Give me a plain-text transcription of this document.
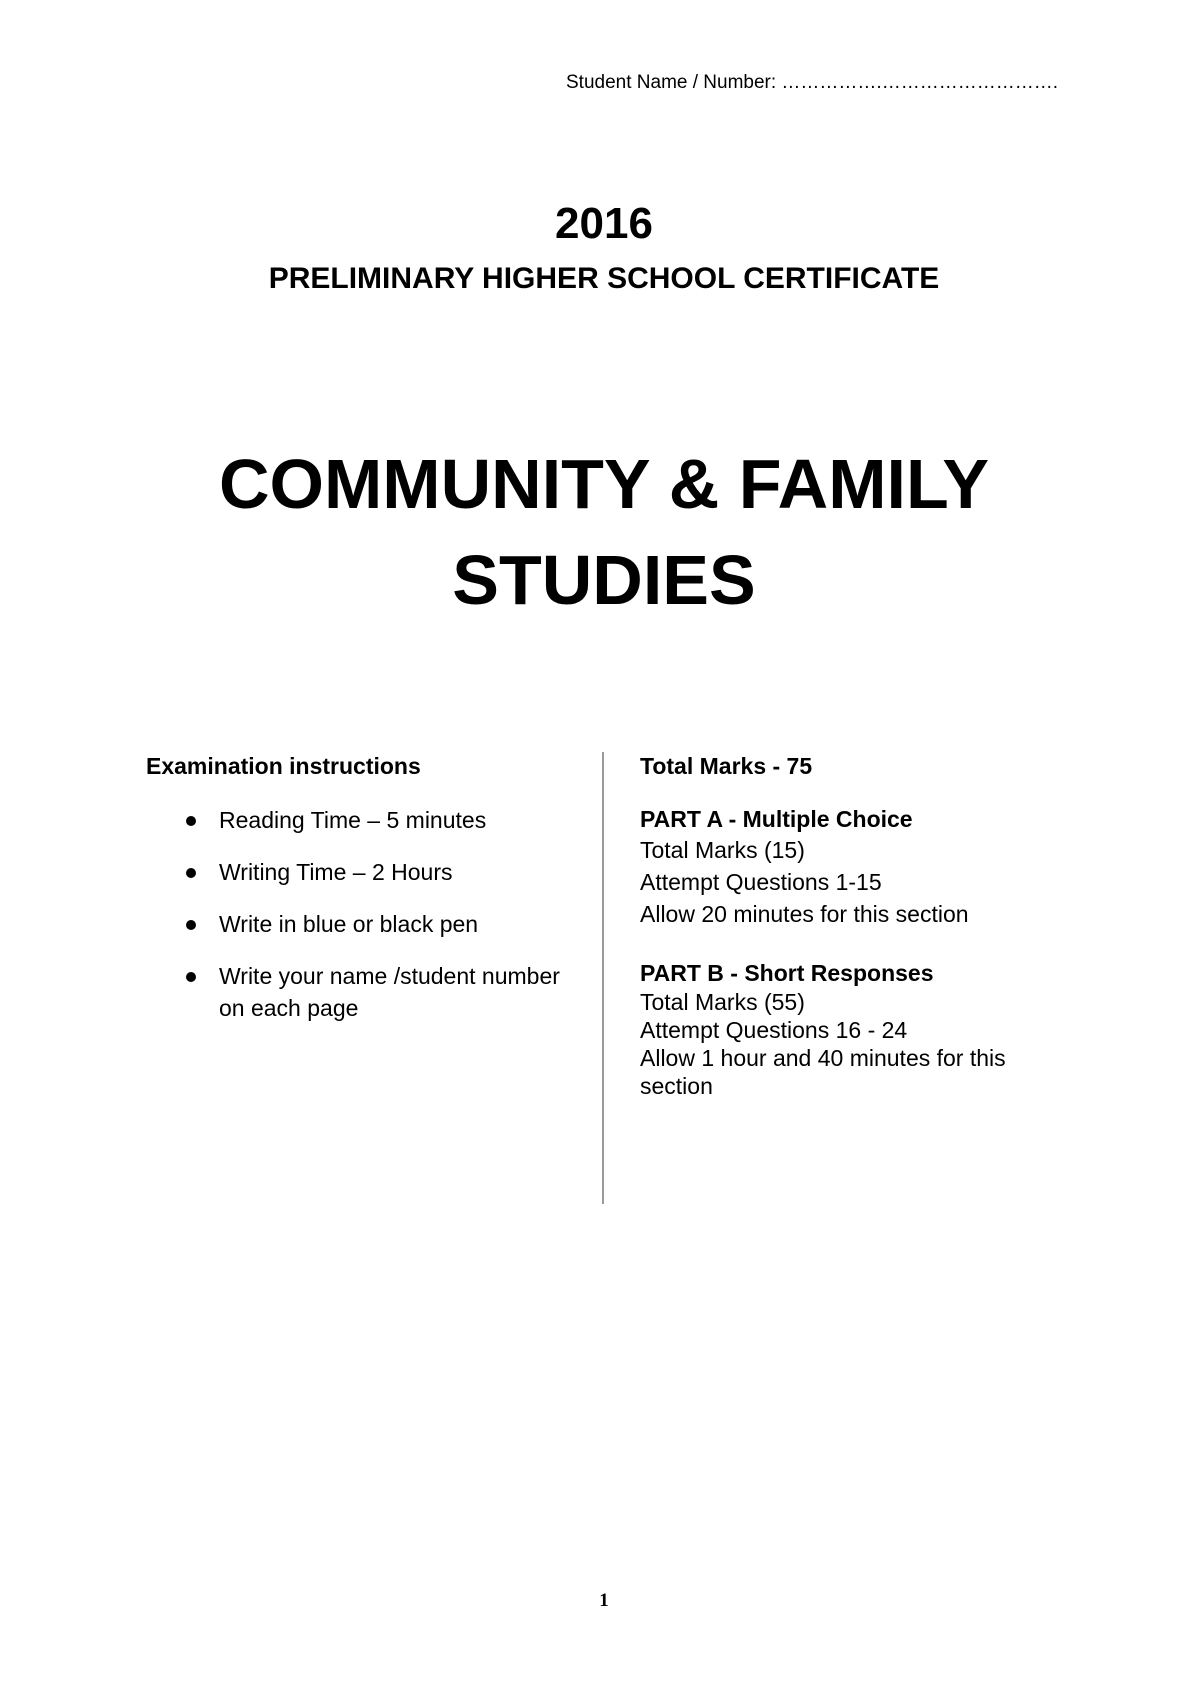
Student Name / Number: …………….……………………….
2016
PRELIMINARY HIGHER SCHOOL CERTIFICATE
COMMUNITY & FAMILY
STUDIES

Examination instructions

Reading Time – 5 minutes
Writing Time – 2 Hours
Write in blue or black pen
Write your name /student number on each page

Total Marks - 75

PART A - Multiple Choice
Total Marks (15)
Attempt Questions 1-15
Allow 20 minutes for this section
PART B - Short Responses
Total Marks (55)
Attempt Questions 16 - 24
Allow 1 hour and 40 minutes for this section
1
